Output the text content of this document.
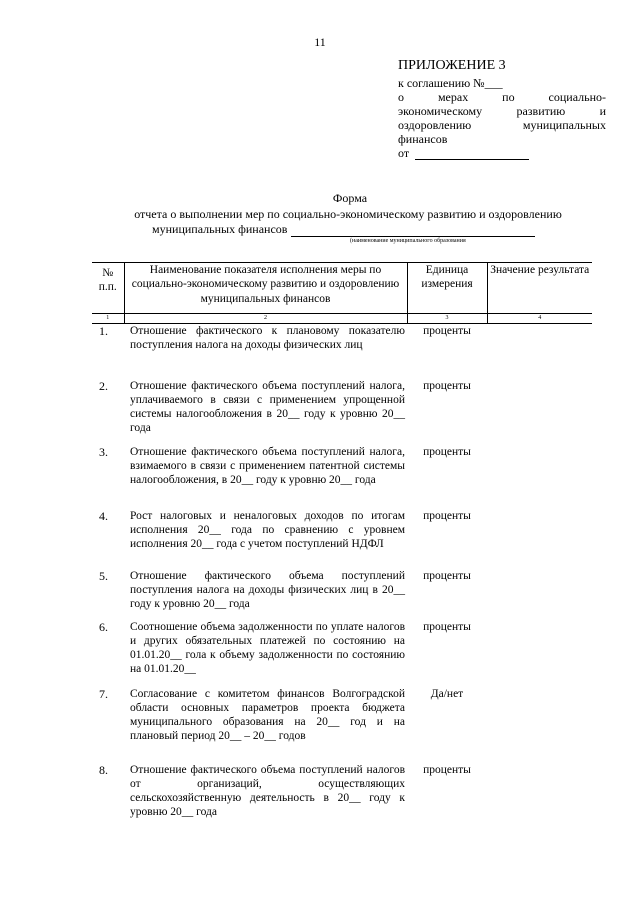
11
ПРИЛОЖЕНИЕ 3
к соглашению №___
о	мерах	по	социально-
экономическому	развитию	и
оздоровлению	муниципальных
финансов
от
Форма
отчета о выполнении мер по социально-экономическому развитию и оздоровлению
муниципальных финансов
(наименование муниципального образования
№ п.п.	Наименование показателя исполнения меры по социально-экономическому развитию и оздоровлению муниципальных финансов	Единица измерения	Значение результата
1	2	3	4
1.	Отношение фактического к плановому показателю поступления налога на доходы физических лиц	проценты	
2.	Отношение фактического объема поступлений налога, уплачиваемого в связи с применением упрощенной системы налогообложения в 20__ году к уровню 20__ года	проценты	
3.	Отношение фактического объема поступлений налога, взимаемого в связи с применением патентной системы налогообложения, в 20__ году к уровню 20__ года	проценты	
4.	Рост налоговых и неналоговых доходов по итогам исполнения 20__ года по сравнению с уровнем исполнения 20__ года с учетом поступлений НДФЛ	проценты	
5.	Отношение фактического объема поступлений поступления налога на доходы физических лиц в 20__ году к уровню 20__ года	проценты	
6.	Соотношение объема задолженности по уплате налогов и других обязательных платежей по состоянию на 01.01.20__ гола к объему задолженности по состоянию на 01.01.20__	проценты	
7.	Согласование с комитетом финансов Волгоградской области основных параметров проекта бюджета муниципального образования на 20__ год и на плановый период 20__ – 20__ годов	Да/нет	
8.	Отношение фактического объема поступлений налогов от организаций, осуществляющих сельскохозяйственную деятельность в 20__ году к уровню 20__ года	проценты	
